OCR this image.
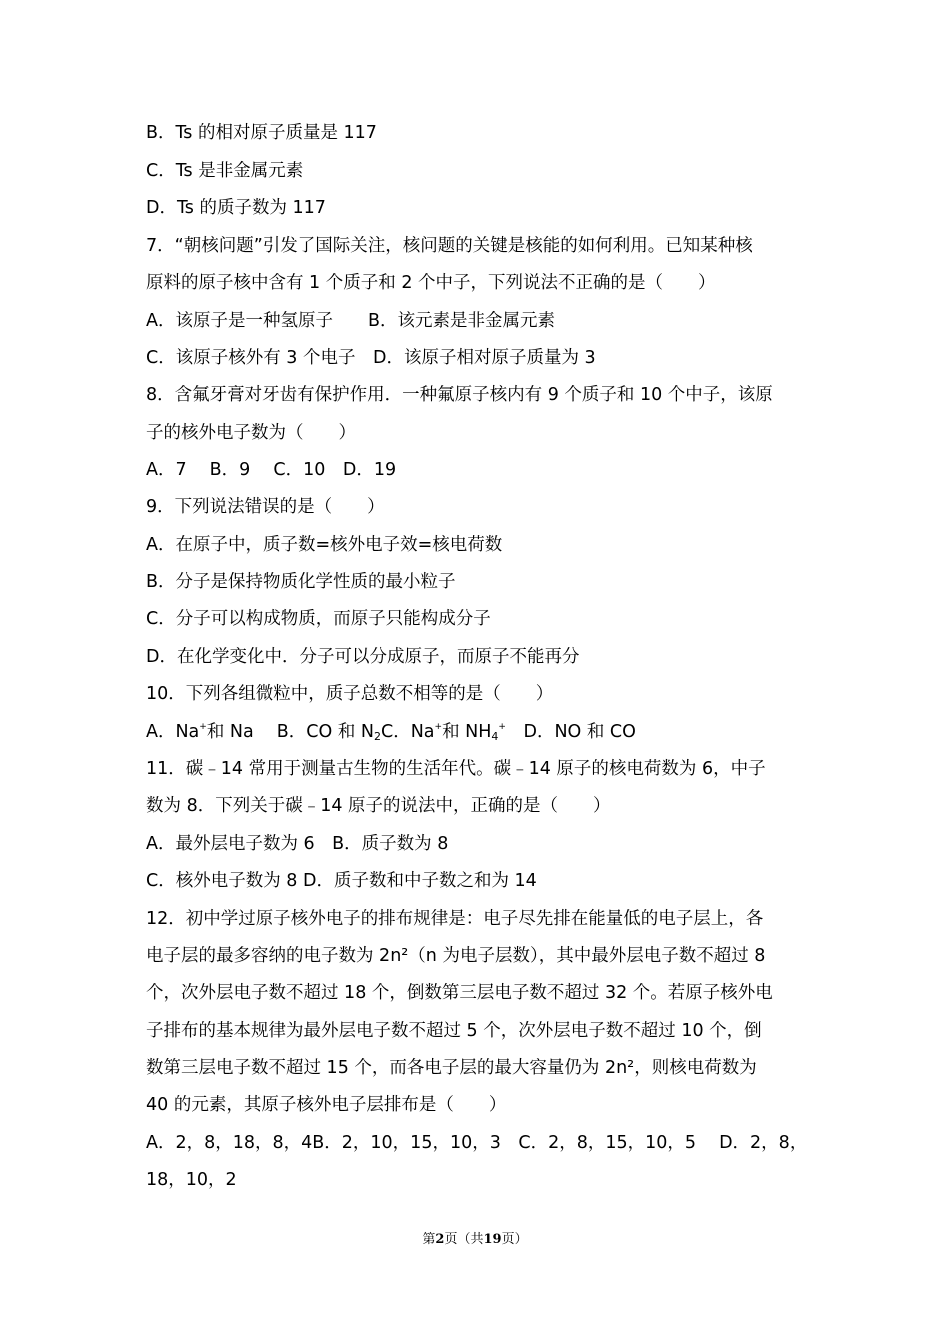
B．Ts 的相对原子质量是 117
C．Ts 是非金属元素
D．Ts 的质子数为 117
7．“朝核问题”引发了国际关注，核问题的关键是核能的如何利用。已知某种核
原料的原子核中含有 1 个质子和 2 个中子，下列说法不正确的是（　　）
A．该原子是一种氢原子　　B．该元素是非金属元素
C．该原子核外有 3 个电子　D．该原子相对原子质量为 3
8．含氟牙膏对牙齿有保护作用．一种氟原子核内有 9 个质子和 10 个中子，该原
子的核外电子数为（　　）
A．7　 B．9　 C．10　D．19
9．下列说法错误的是（　　）
A．在原子中，质子数=核外电子效=核电荷数
B．分子是保持物质化学性质的最小粒子
C．分子可以构成物质，而原子只能构成分子
D．在化学变化中．分子可以分成原子，而原子不能再分
10．下列各组微粒中，质子总数不相等的是（　　）
A．Na+和 Na　 B．CO 和 $N_2C$．Na+和 $NH_4^+$　D．NO 和 CO
11．碳﹣14 常用于测量古生物的生活年代。碳﹣14 原子的核电荷数为 6，中子
数为 8．下列关于碳﹣14 原子的说法中，正确的是（　　）
A．最外层电子数为 6　B．质子数为 8
C．核外电子数为 8 D．质子数和中子数之和为 14
12．初中学过原子核外电子的排布规律是：电子尽先排在能量低的电子层上，各
电子层的最多容纳的电子数为 2n²（n 为电子层数），其中最外层电子数不超过 8
个，次外层电子数不超过 18 个，倒数第三层电子数不超过 32 个。若原子核外电
子排布的基本规律为最外层电子数不超过 5 个，次外层电子数不超过 10 个，倒
数第三层电子数不超过 15 个，而各电子层的最大容量仍为 2n²，则核电荷数为
40 的元素，其原子核外电子层排布是（　　）
A．2，8，18，8，4B．2，10，15，10，3　C．2，8，15，10，5　 D．2，8，
18，10，2
第2页（共19页）
